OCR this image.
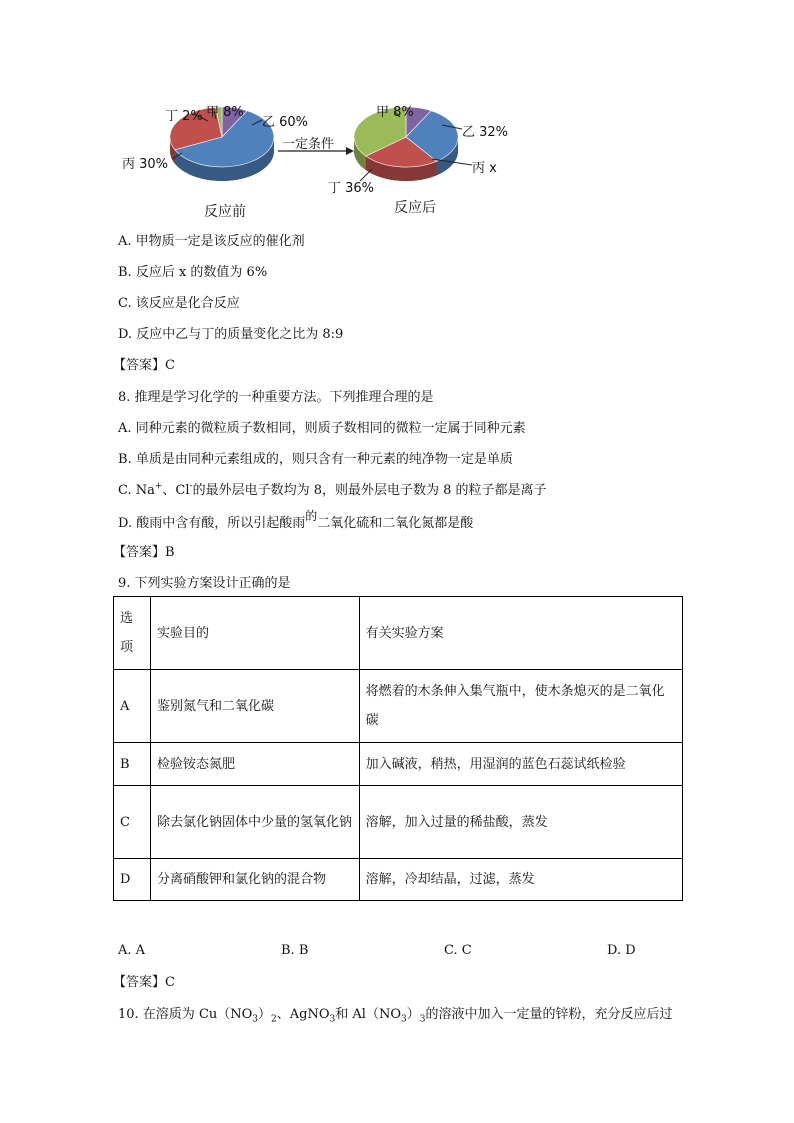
丁 2% 甲 8%
乙 60%
丙 30%
反应前
一定条件
甲 8%
乙 32%
丙 x
丁 36%
反应后
A. 甲物质一定是该反应的催化剂
B. 反应后 x 的数值为 6%
C. 该反应是化合反应
D. 反应中乙与丁的质量变化之比为 8:9
【答案】C
8. 推理是学习化学的一种重要方法。下列推理合理的是
A. 同种元素的微粒质子数相同，则质子数相同的微粒一定属于同种元素
B. 单质是由同种元素组成的，则只含有一种元素的纯净物一定是单质
C. Na+、Cl-的最外层电子数均为 8，则最外层电子数为 8 的粒子都是离子
D. 酸雨中含有酸，所以引起酸雨的二氧化硫和二氧化氮都是酸
【答案】B
9. 下列实验方案设计正确的是
选项	实验目的	有关实验方案
A	鉴别氮气和二氧化碳	将燃着的木条伸入集气瓶中，使木条熄灭的是二氧化碳
B	检验铵态氮肥	加入碱液，稍热，用湿润的蓝色石蕊试纸检验
C	除去氯化钠固体中少量的氢氧化钠	溶解，加入过量的稀盐酸，蒸发
D	分离硝酸钾和氯化钠的混合物	溶解，冷却结晶，过滤，蒸发
A. A	B. B	C. C	D. D
【答案】C
10. 在溶质为 $Cu(NO_3)_2$、AgNO$_3$和 $Al(NO_3)_3$的溶液中加入一定量的锌粉，充分反应后过
